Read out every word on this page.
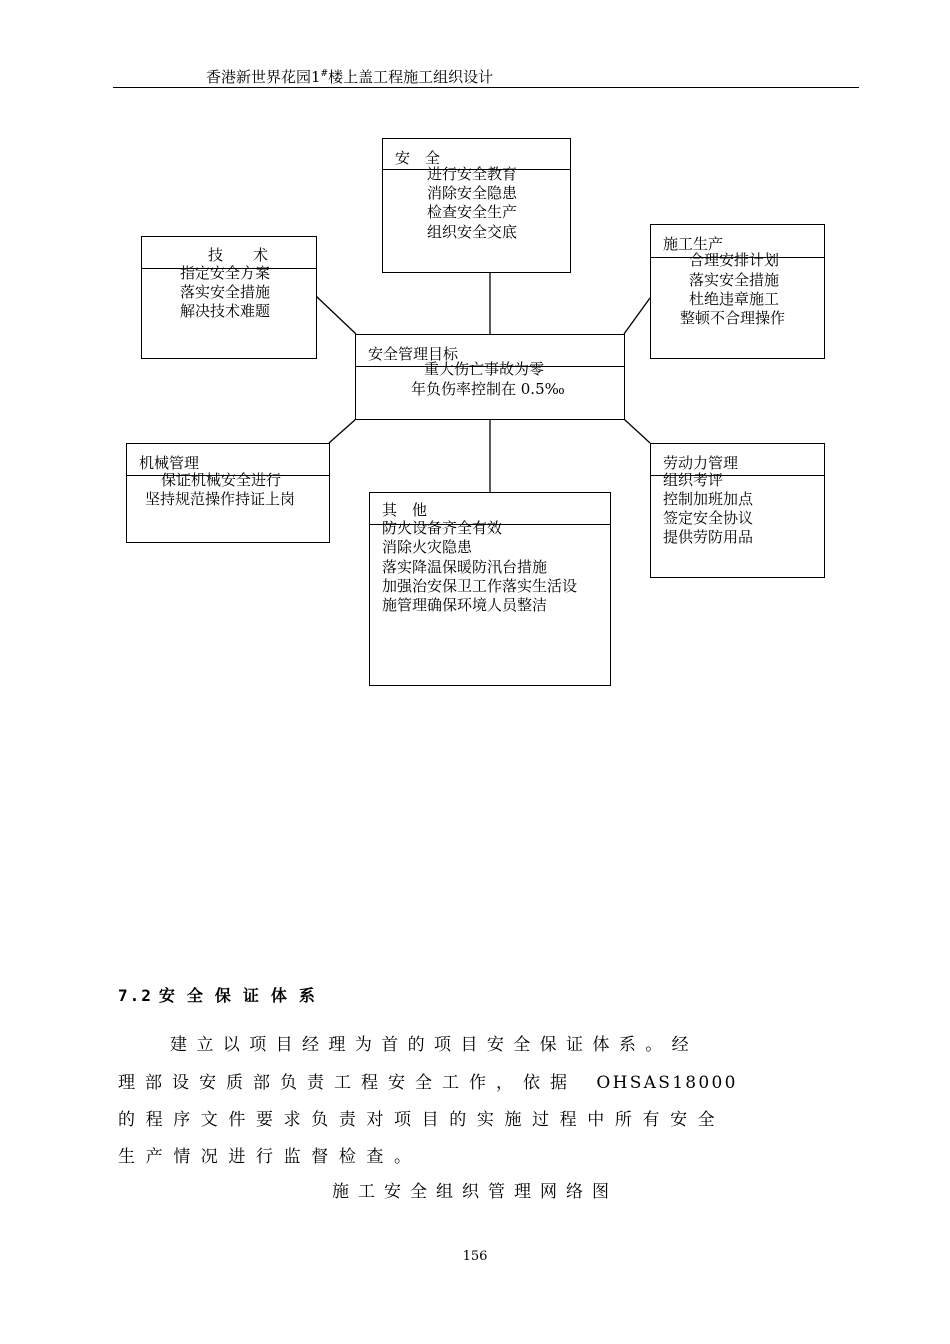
香港新世界花园1#楼上盖工程施工组织设计
安　全
进行安全教育
消除安全隐患
检查安全生产
组织安全交底
技　　术
指定安全方案
落实安全措施
解决技术难题
施工生产
合理安排计划
落实安全措施
杜绝违章施工
整顿不合理操作
安全管理目标
重大伤亡事故为零
年负伤率控制在 0.5‰
机械管理
保证机械安全进行
坚持规范操作持证上岗
劳动力管理
组织考评
控制加班加点
签定安全协议
提供劳防用品
其　他
防火设备齐全有效
消除火灾隐患
落实降温保暖防汛台措施
加强治安保卫工作落实生活设
施管理确保环境人员整洁
7.2 安全保证体系
建 立 以 项 目 经 理 为 首 的 项 目 安 全 保 证 体 系 。 经
理 部 设 安 质 部 负 责 工 程 安 全 工 作 ， 依 据　 OHSAS18000
的 程 序 文 件 要 求 负 责 对 项 目 的 实 施 过 程 中 所 有 安 全
生 产 情 况 进 行 监 督 检 查 。
施工安全组织管理网络图
156
